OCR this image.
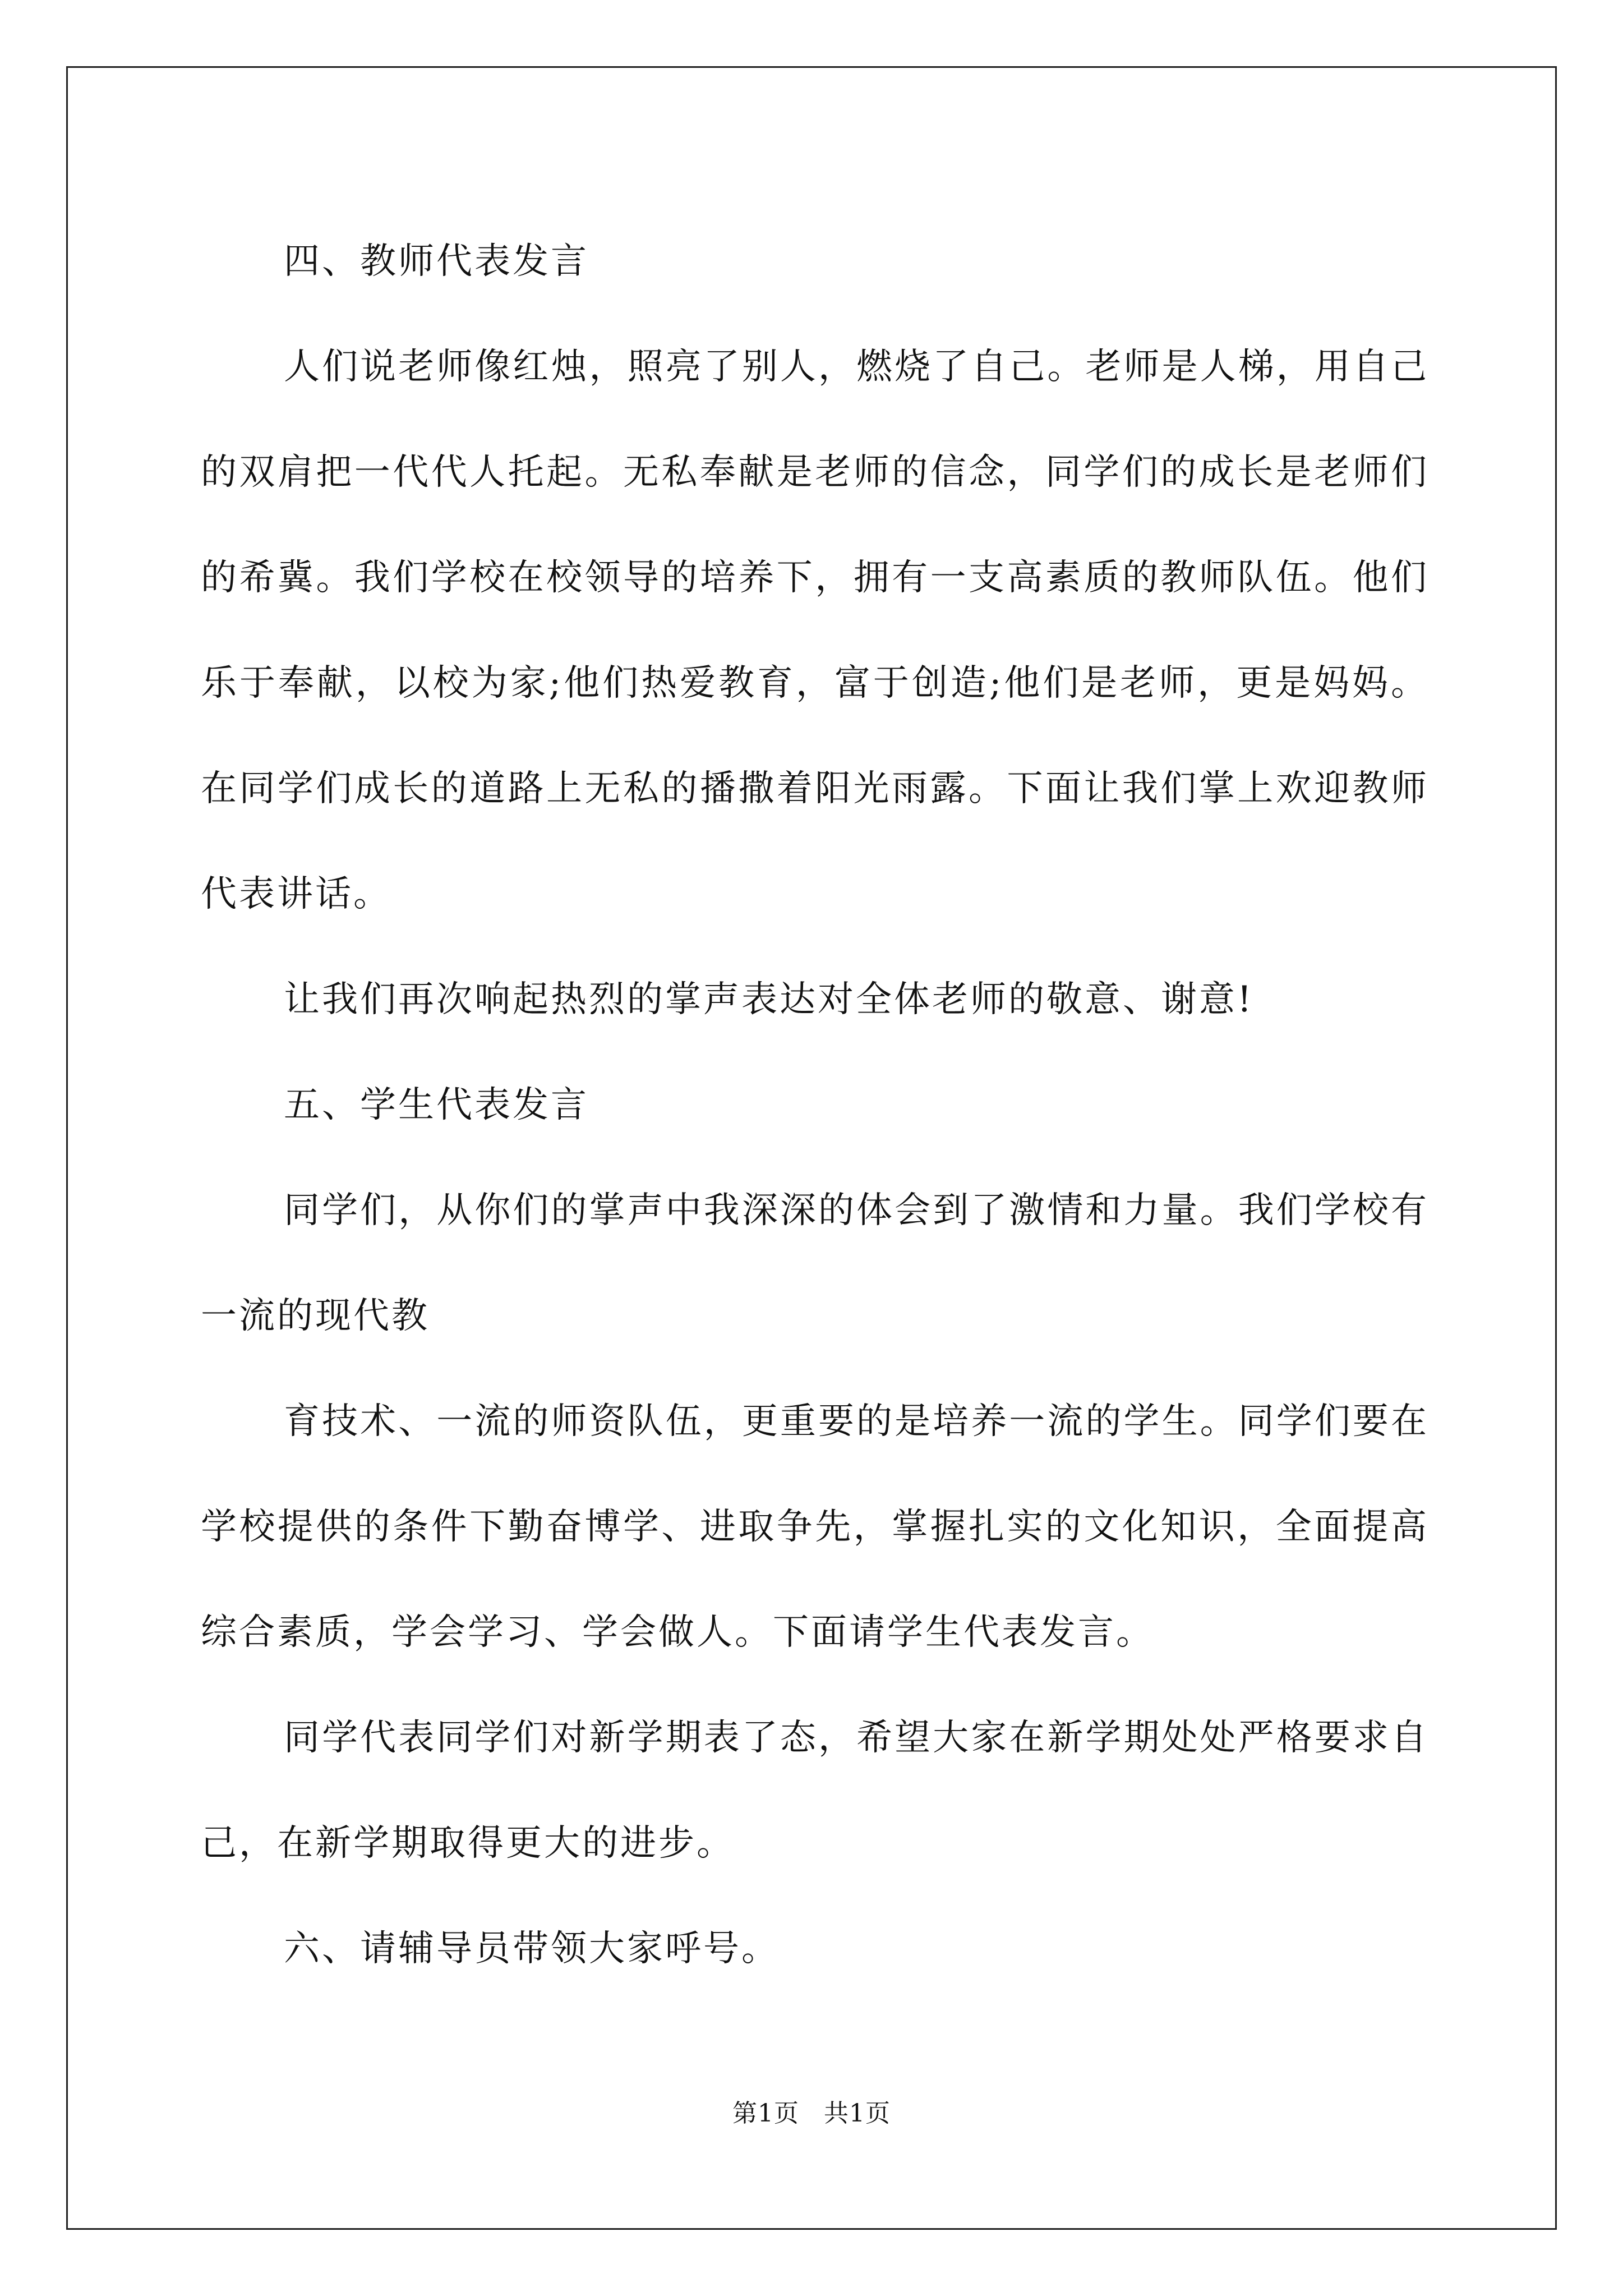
四、教师代表发言

人们说老师像红烛，照亮了别人，燃烧了自己。老师是人梯，用自己的双肩把一代代人托起。无私奉献是老师的信念，同学们的成长是老师们的希冀。我们学校在校领导的培养下，拥有一支高素质的教师队伍。他们乐于奉献，以校为家;他们热爱教育，富于创造;他们是老师，更是妈妈。在同学们成长的道路上无私的播撒着阳光雨露。下面让我们掌上欢迎教师代表讲话。

让我们再次响起热烈的掌声表达对全体老师的敬意、谢意!

五、学生代表发言

同学们，从你们的掌声中我深深的体会到了激情和力量。我们学校有一流的现代教

育技术、一流的师资队伍，更重要的是培养一流的学生。同学们要在学校提供的条件下勤奋博学、进取争先，掌握扎实的文化知识，全面提高综合素质，学会学习、学会做人。下面请学生代表发言。

同学代表同学们对新学期表了态，希望大家在新学期处处严格要求自己，在新学期取得更大的进步。

六、请辅导员带领大家呼号。

第1页 共1页
